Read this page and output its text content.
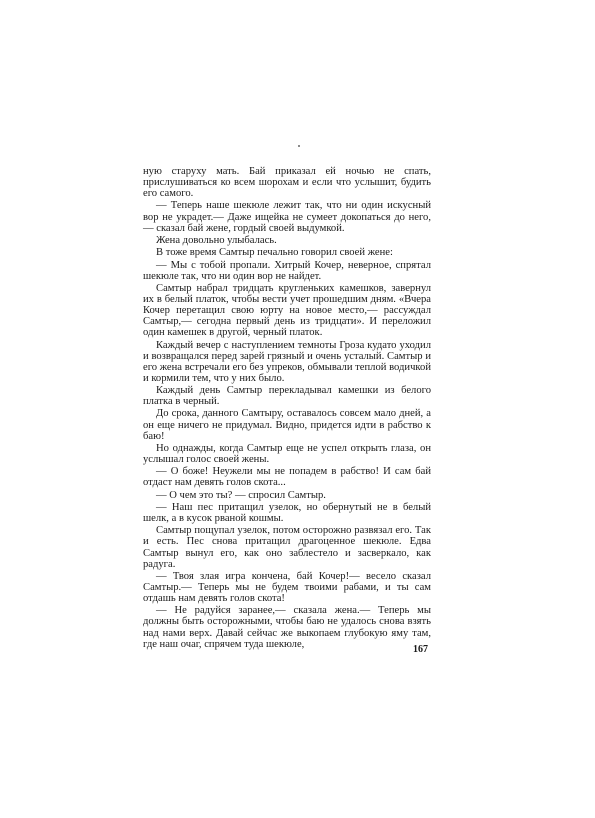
ную старуху мать. Бай приказал ей ночью не спать, прислушиваться ко всем шорохам и если что услышит, будить его самого.

— Теперь наше шекюле лежит так, что ни один искусный вор не украдет.— Даже ищейка не сумеет докопаться до него,— сказал бай жене, гордый своей выдумкой.

Жена довольно улыбалась.

В тоже время Самтыр печально говорил своей жене:

— Мы с тобой пропали. Хитрый Кочер, неверное, спрятал шекюле так, что ни один вор не найдет.

Самтыр набрал тридцать кругленьких камешков, завернул их в белый платок, чтобы вести учет прошедшим дням. «Вчера Кочер перетащил свою юрту на новое место,— рассуждал Самтыр,— сегодна первый день из тридцати». И переложил один камешек в другой, черный платок.

Каждый вечер с наступлением темноты Гроза кудато уходил и возвращался перед зарей грязный и очень усталый. Самтыр и его жена встречали его без упреков, обмывали теплой водичкой и кормили тем, что у них было.

Каждый день Самтыр перекладывал камешки из белого платка в черный.

До срока, данного Самтыру, оставалось совсем мало дней, а он еще ничего не придумал. Видно, придется идти в рабство к баю!

Но однажды, когда Самтыр еще не успел открыть глаза, он услышал голос своей жены.

— О боже! Неужели мы не попадем в рабство! И сам бай отдаст нам девять голов скота...

— О чем это ты? — спросил Самтыр.

— Наш пес притащил узелок, но обернутый не в белый шелк, а в кусок рваной кошмы.

Самтыр пощупал узелок, потом осторожно развязал его. Так и есть. Пес снова притащил драгоценное шекюле. Едва Самтыр вынул его, как оно заблестело и засверкало, как радуга.

— Твоя злая игра кончена, бай Кочер!— весело сказал Самтыр.— Теперь мы не будем твоими рабами, и ты сам отдашь нам девять голов скота!

— Не радуйся заранее,— сказала жена.— Теперь мы должны быть осторожными, чтобы баю не удалось снова взять над нами верх. Давай сейчас же выкопаем глубокую яму там, где наш очаг, спрячем туда шекюле,	167
